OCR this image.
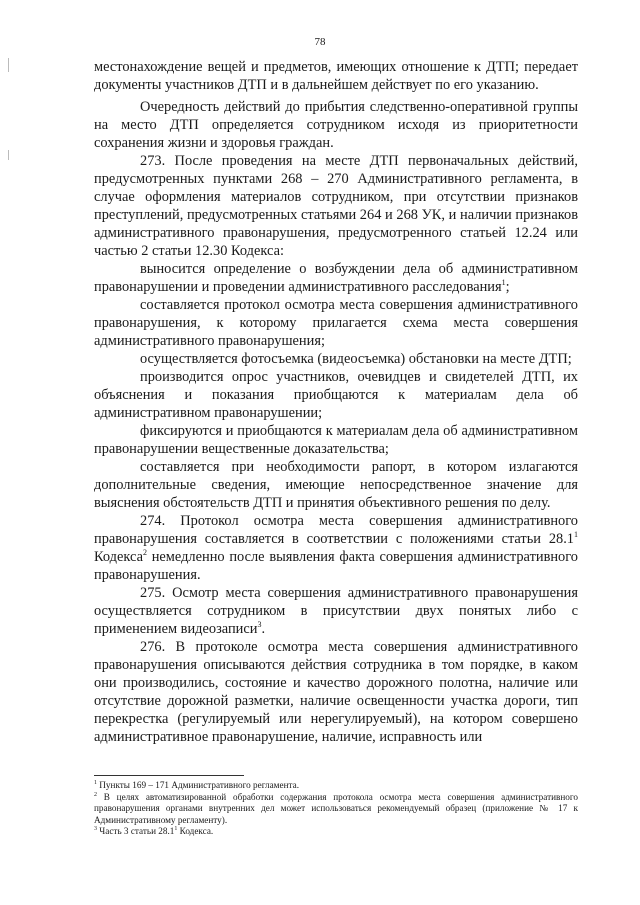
78

местонахождение вещей и предметов, имеющих отношение к ДТП; передает документы участников ДТП и в дальнейшем действует по его указанию.

Очередность действий до прибытия следственно-оперативной группы на место ДТП определяется сотрудником исходя из приоритетности сохранения жизни и здоровья граждан.

273. После проведения на месте ДТП первоначальных действий, предусмотренных пунктами 268 – 270 Административного регламента, в случае оформления материалов сотрудником, при отсутствии признаков преступлений, предусмотренных статьями 264 и 268 УК, и наличии признаков административного правонарушения, предусмотренного статьей 12.24 или частью 2 статьи 12.30 Кодекса:

выносится определение о возбуждении дела об административном правонарушении и проведении административного расследования$^1$;

составляется протокол осмотра места совершения административного правонарушения, к которому прилагается схема места совершения административного правонарушения;

осуществляется фотосъемка (видеосъемка) обстановки на месте ДТП;

производится опрос участников, очевидцев и свидетелей ДТП, их объяснения и показания приобщаются к материалам дела об административном правонарушении;

фиксируются и приобщаются к материалам дела об административном правонарушении вещественные доказательства;

составляется при необходимости рапорт, в котором излагаются дополнительные сведения, имеющие непосредственное значение для выяснения обстоятельств ДТП и принятия объективного решения по делу.

274. Протокол осмотра места совершения административного правонарушения составляется в соответствии с положениями статьи 28.1$^1$ Кодекса$^2$ немедленно после выявления факта совершения административного правонарушения.

275. Осмотр места совершения административного правонарушения осуществляется сотрудником в присутствии двух понятых либо с применением видеозаписи$^3$.

276. В протоколе осмотра места совершения административного правонарушения описываются действия сотрудника в том порядке, в каком они производились, состояние и качество дорожного полотна, наличие или отсутствие дорожной разметки, наличие освещенности участка дороги, тип перекрестка (регулируемый или нерегулируемый), на котором совершено административное правонарушение, наличие, исправность или

$^1$ Пункты 169 – 171 Административного регламента.

$^2$ В целях автоматизированной обработки содержания протокола осмотра места совершения административного правонарушения органами внутренних дел может использоваться рекомендуемый образец (приложение № 17 к Административному регламенту).

$^3$ Часть 3 статьи 28.1$^1$ Кодекса.
